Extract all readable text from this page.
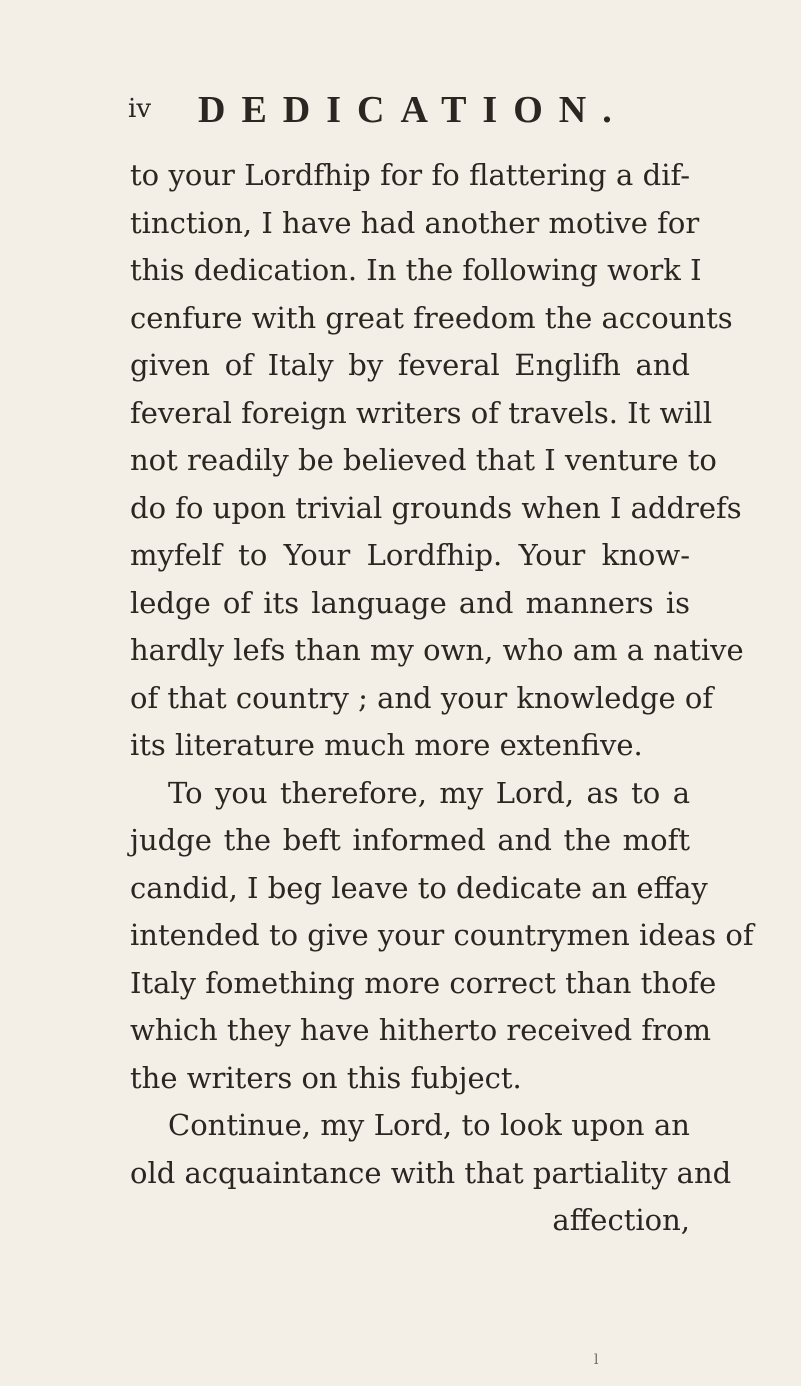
iv DEDICATION.
to your Lordfhip for fo flattering a dif-
tinction, I have had another motive for
this dedication. In the following work I
cenfure with great freedom the accounts
given of Italy by feveral Englifh and
feveral foreign writers of travels. It will
not readily be believed that I venture to
do fo upon trivial grounds when I addrefs
myfelf to Your Lordfhip. Your know-
ledge of its language and manners is
hardly lefs than my own, who am a native
of that country ; and your knowledge of
its literature much more extenfive.
To you therefore, my Lord, as to a
judge the beft informed and the moft
candid, I beg leave to dedicate an effay
intended to give your countrymen ideas of
Italy fomething more correct than thofe
which they have hitherto received from
the writers on this fubject.
Continue, my Lord, to look upon an
old acquaintance with that partiality and
affection,
l
